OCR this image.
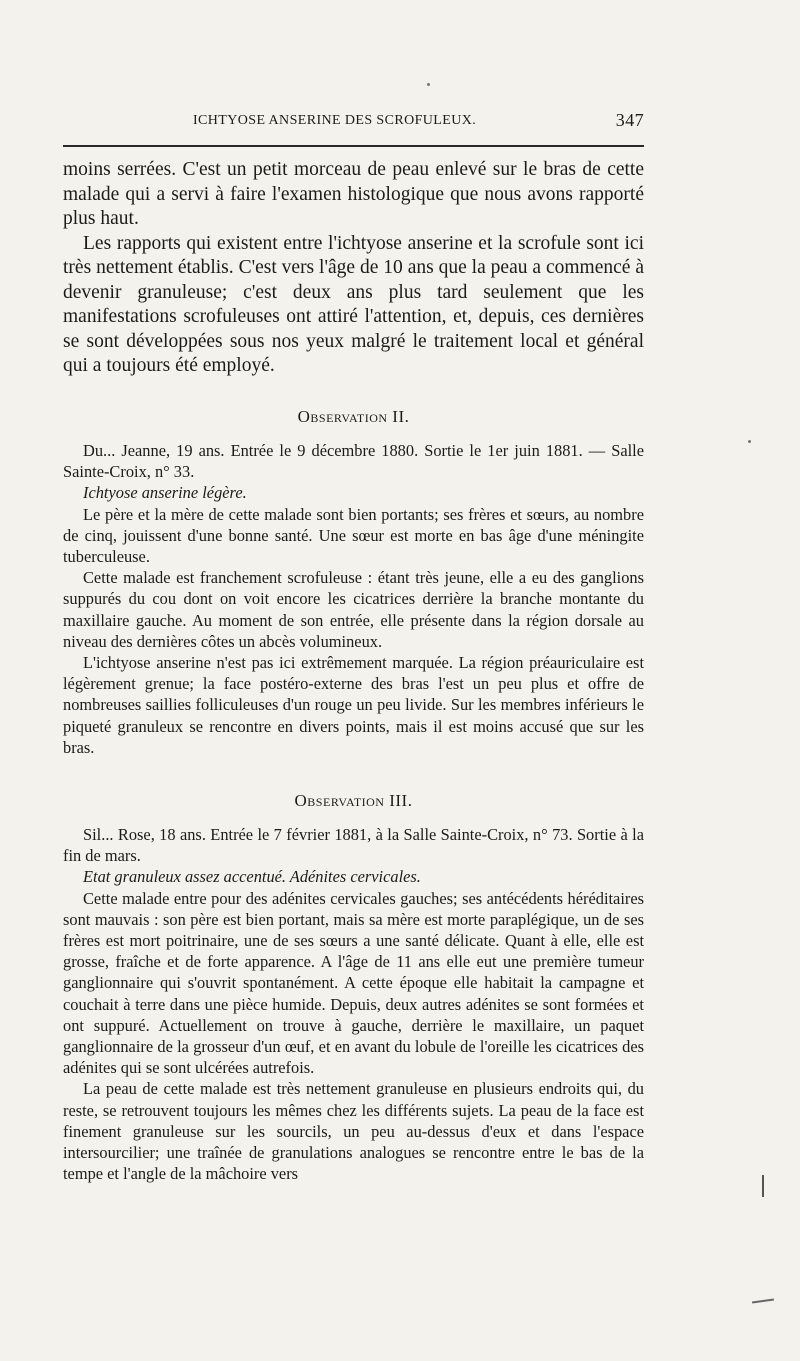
ICHTYOSE ANSERINE DES SCROFULEUX.	347

moins serrées. C'est un petit morceau de peau enlevé sur le bras de cette malade qui a servi à faire l'examen histologique que nous avons rapporté plus haut.

Les rapports qui existent entre l'ichtyose anserine et la scrofule sont ici très nettement établis. C'est vers l'âge de 10 ans que la peau a commencé à devenir granuleuse; c'est deux ans plus tard seulement que les manifestations scrofuleuses ont attiré l'attention, et, depuis, ces dernières se sont développées sous nos yeux malgré le traitement local et général qui a toujours été employé.

Observation II.

Du... Jeanne, 19 ans. Entrée le 9 décembre 1880. Sortie le 1er juin 1881. — Salle Sainte-Croix, n° 33.

Ichtyose anserine légère.

Le père et la mère de cette malade sont bien portants; ses frères et sœurs, au nombre de cinq, jouissent d'une bonne santé. Une sœur est morte en bas âge d'une méningite tuberculeuse.

Cette malade est franchement scrofuleuse : étant très jeune, elle a eu des ganglions suppurés du cou dont on voit encore les cicatrices derrière la branche montante du maxillaire gauche. Au moment de son entrée, elle présente dans la région dorsale au niveau des dernières côtes un abcès volumineux.

L'ichtyose anserine n'est pas ici extrêmement marquée. La région préauriculaire est légèrement grenue; la face postéro-externe des bras l'est un peu plus et offre de nombreuses saillies folliculeuses d'un rouge un peu livide. Sur les membres inférieurs le piqueté granuleux se rencontre en divers points, mais il est moins accusé que sur les bras.

Observation III.

Sil... Rose, 18 ans. Entrée le 7 février 1881, à la Salle Sainte-Croix, n° 73. Sortie à la fin de mars.

Etat granuleux assez accentué. Adénites cervicales.

Cette malade entre pour des adénites cervicales gauches; ses antécédents héréditaires sont mauvais : son père est bien portant, mais sa mère est morte paraplégique, un de ses frères est mort poitrinaire, une de ses sœurs a une santé délicate. Quant à elle, elle est grosse, fraîche et de forte apparence. A l'âge de 11 ans elle eut une première tumeur ganglionnaire qui s'ouvrit spontanément. A cette époque elle habitait la campagne et couchait à terre dans une pièce humide. Depuis, deux autres adénites se sont formées et ont suppuré. Actuellement on trouve à gauche, derrière le maxillaire, un paquet ganglionnaire de la grosseur d'un œuf, et en avant du lobule de l'oreille les cicatrices des adénites qui se sont ulcérées autrefois.

La peau de cette malade est très nettement granuleuse en plusieurs endroits qui, du reste, se retrouvent toujours les mêmes chez les différents sujets. La peau de la face est finement granuleuse sur les sourcils, un peu au-dessus d'eux et dans l'espace intersourcilier; une traînée de granulations analogues se rencontre entre le bas de la tempe et l'angle de la mâchoire vers
